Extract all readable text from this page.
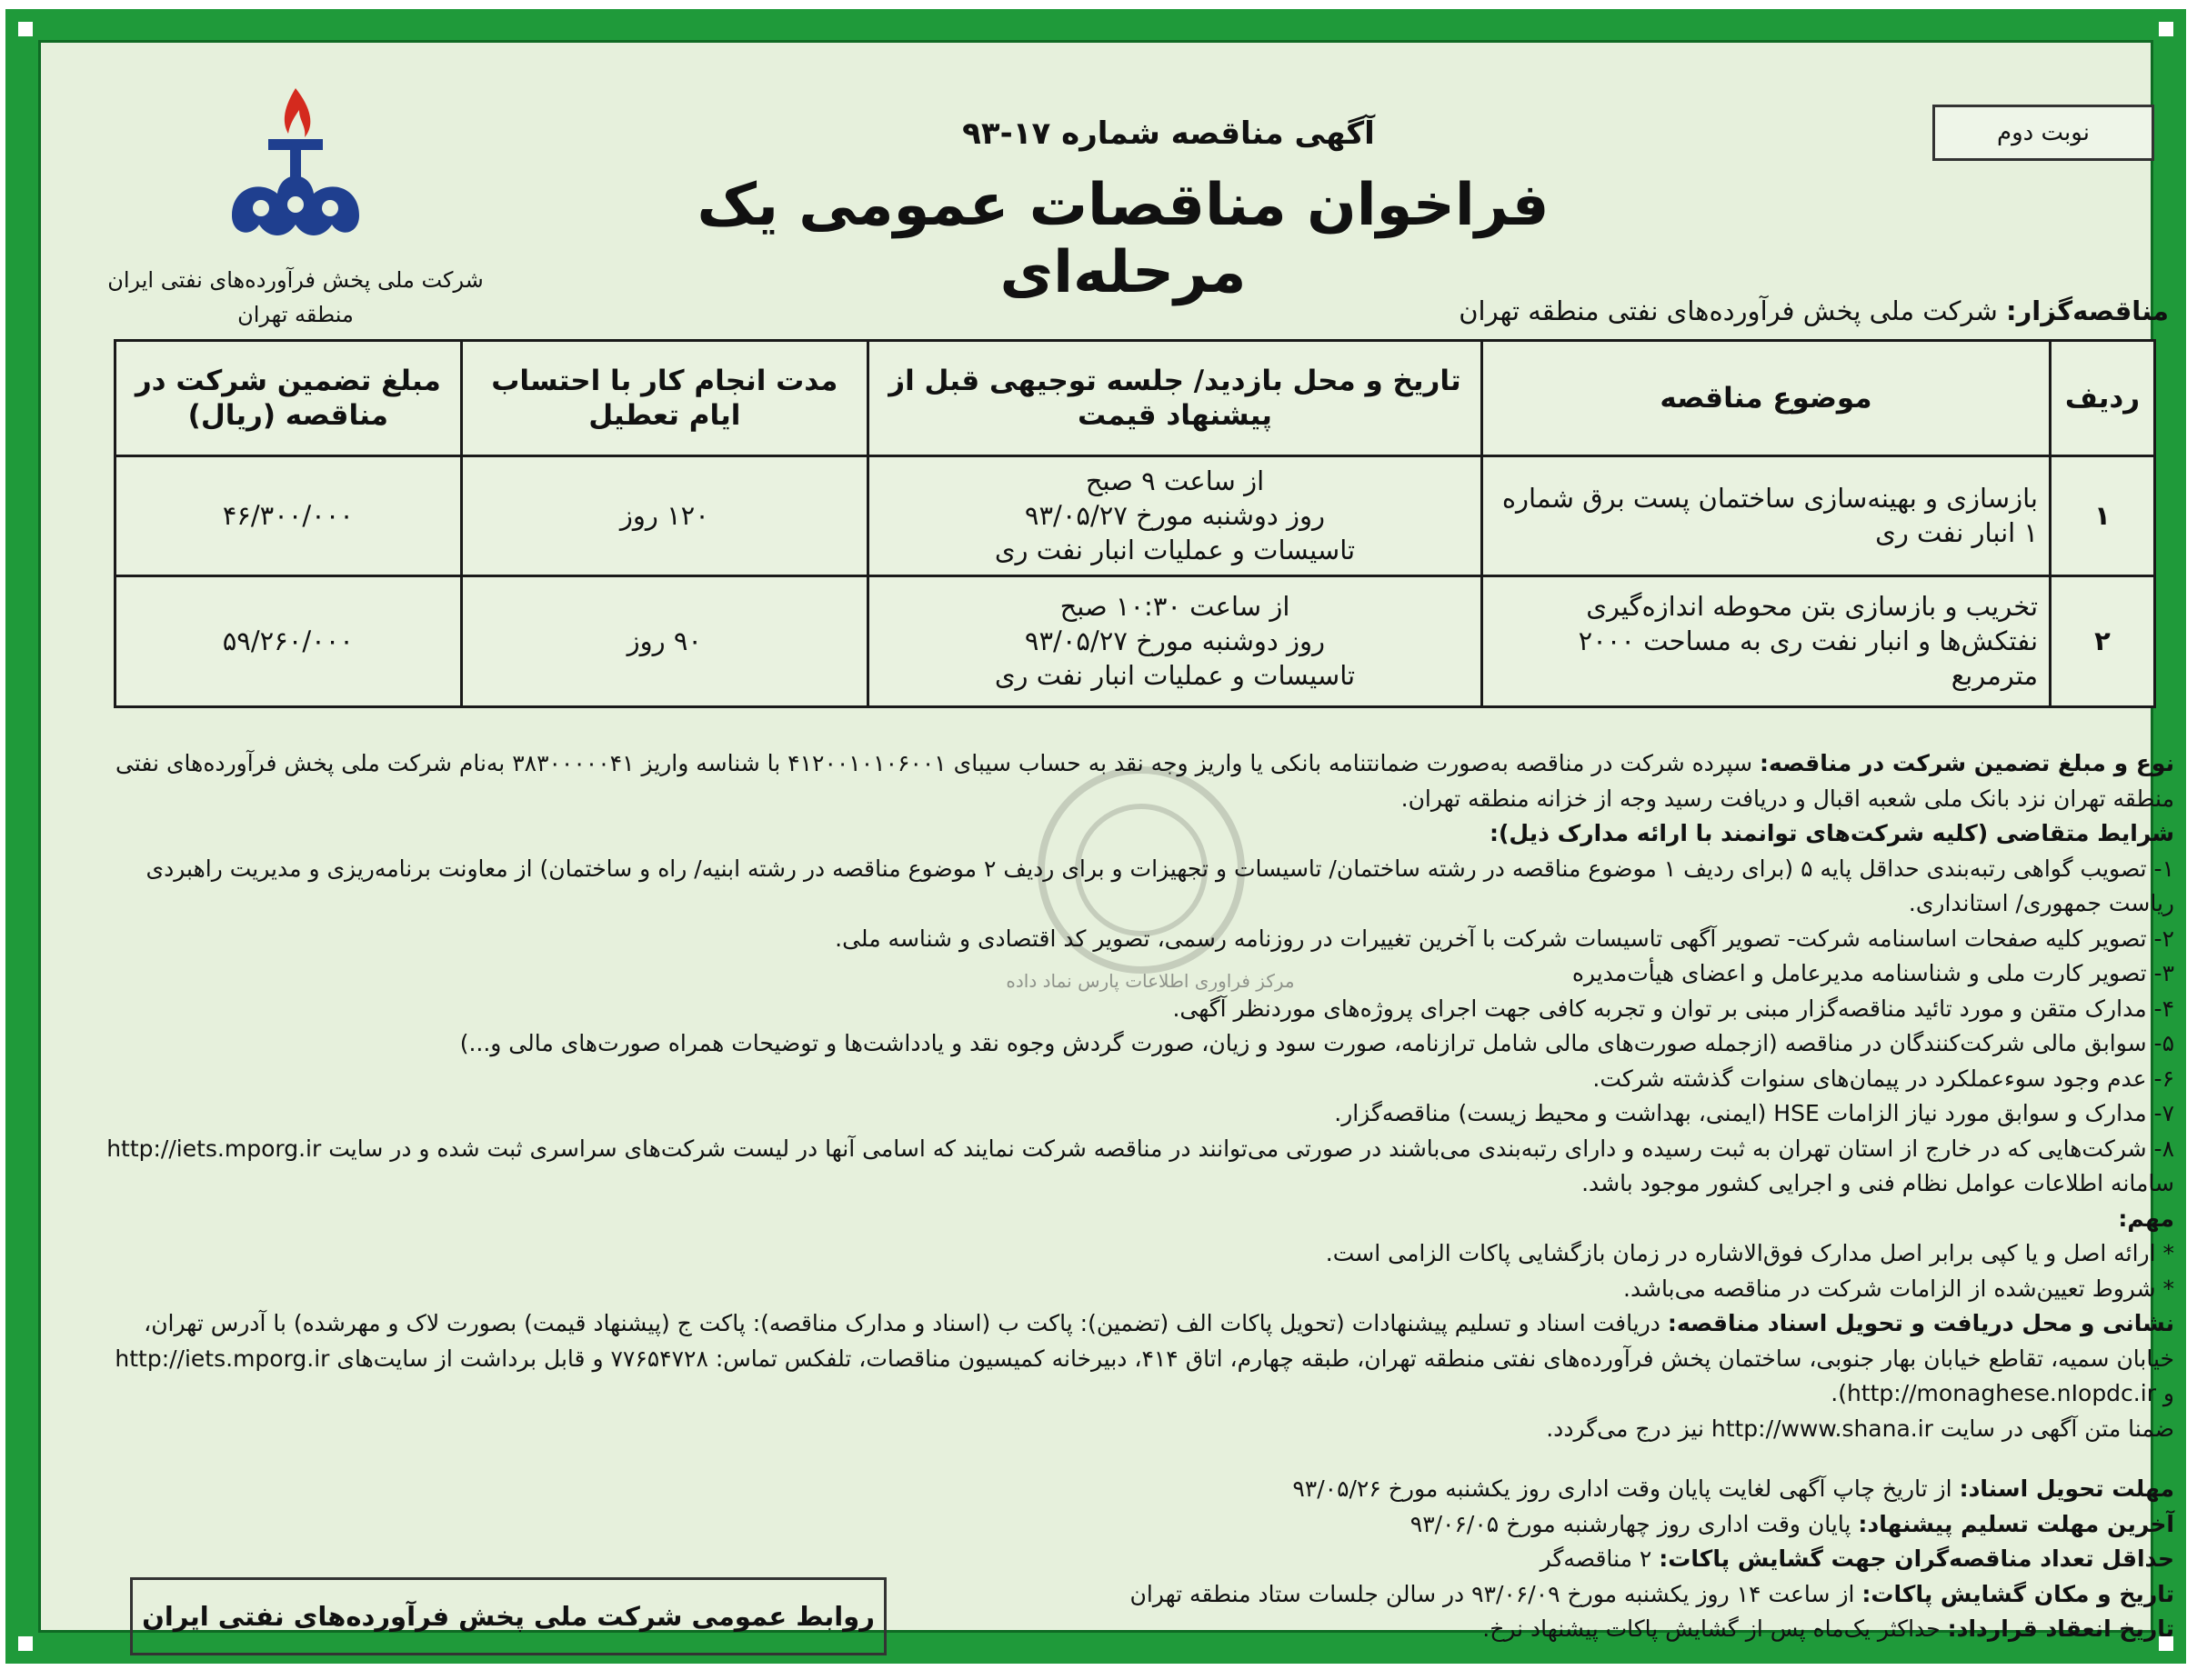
نوبت دوم
آگهی مناقصه شماره ۱۷-۹۳
فراخوان مناقصات عمومی یک مرحله‌ای
شرکت ملی پخش فرآورده‌های نفتی ایران
منطقه تهران	مناقصه‌گزار: شرکت ملی پخش فرآورده‌های نفتی منطقه تهران
ردیف	موضوع مناقصه	تاریخ و محل بازدید/ جلسه توجیهی قبل از پیشنهاد قیمت	مدت انجام کار با احتساب ایام تعطیل	مبلغ تضمین شرکت در مناقصه (ریال)
۱	بازسازی و بهینه‌سازی ساختمان پست برق شماره ۱ انبار نفت ری	از ساعت ۹ صبح
روز دوشنبه مورخ ۹۳/۰۵/۲۷
تاسیسات و عملیات انبار نفت ری	۱۲۰ روز	۴۶/۳۰۰/۰۰۰
۲	تخریب و بازسازی بتن محوطه اندازه‌گیری نفتکش‌ها و انبار نفت ری به مساحت ۲۰۰۰ مترمربع	از ساعت ۱۰:۳۰ صبح
روز دوشنبه مورخ ۹۳/۰۵/۲۷
تاسیسات و عملیات انبار نفت ری	۹۰ روز	۵۹/۲۶۰/۰۰۰
مرکز فراوری اطلاعات پارس نماد داده

نوع و مبلغ تضمین شرکت در مناقصه: سپرده شرکت در مناقصه به‌صورت ضمانتنامه بانکی یا واریز وجه نقد به حساب سیبای ۴۱۲۰۰۱۰۱۰۶۰۰۱ با شناسه واریز ۳۸۳۰۰۰۰۰۴۱ به‌نام شرکت ملی پخش فرآورده‌های نفتی منطقه تهران نزد بانک ملی شعبه اقبال و دریافت رسید وجه از خزانه منطقه تهران.

شرایط متقاضی (کلیه شرکت‌های توانمند با ارائه مدارک ذیل):

۱- تصویب گواهی رتبه‌بندی حداقل پایه ۵ (برای ردیف ۱ موضوع مناقصه در رشته ساختمان/ تاسیسات و تجهیزات و برای ردیف ۲ موضوع مناقصه در رشته ابنیه/ راه و ساختمان) از معاونت برنامه‌ریزی و مدیریت راهبردی ریاست جمهوری/ استانداری.

۲- تصویر کلیه صفحات اساسنامه شرکت- تصویر آگهی تاسیسات شرکت با آخرین تغییرات در روزنامه رسمی، تصویر کد اقتصادی و شناسه ملی.

۳- تصویر کارت ملی و شناسنامه مدیرعامل و اعضای هیأت‌مدیره

۴- مدارک متقن و مورد تائید مناقصه‌گزار مبنی بر توان و تجربه کافی جهت اجرای پروژه‌های موردنظر آگهی.

۵- سوابق مالی شرکت‌کنندگان در مناقصه (ازجمله صورت‌های مالی شامل ترازنامه، صورت سود و زیان، صورت گردش وجوه نقد و یادداشت‌ها و توضیحات همراه صورت‌های مالی و...)

۶- عدم وجود سوءعملکرد در پیمان‌های سنوات گذشته شرکت.

۷- مدارک و سوابق مورد نیاز الزامات HSE (ایمنی، بهداشت و محیط زیست) مناقصه‌گزار.

۸- شرکت‌هایی که در خارج از استان تهران به ثبت رسیده و دارای رتبه‌بندی می‌باشند در صورتی می‌توانند در مناقصه شرکت نمایند که اسامی آنها در لیست شرکت‌های سراسری ثبت شده و در سایت http://iets.mporg.ir سامانه اطلاعات عوامل نظام فنی و اجرایی کشور موجود باشد.

مهم:

* ارائه اصل و یا کپی برابر اصل مدارک فوق‌الاشاره در زمان بازگشایی پاکات الزامی است.

* شروط تعیین‌شده از الزامات شرکت در مناقصه می‌باشد.

نشانی و محل دریافت و تحویل اسناد مناقصه: دریافت اسناد و تسلیم پیشنهادات (تحویل پاکات الف (تضمین): پاکت ب (اسناد و مدارک مناقصه): پاکت ج (پیشنهاد قیمت) بصورت لاک و مهرشده) با آدرس تهران، خیابان سمیه، تقاطع خیابان بهار جنوبی، ساختمان پخش فرآورده‌های نفتی منطقه تهران، طبقه چهارم، اتاق ۴۱۴، دبیرخانه کمیسیون مناقصات، تلفکس تماس: ۷۷۶۵۴۷۲۸ و قابل برداشت از سایت‌های http://iets.mporg.ir و http://monaghese.nIopdc.ir).

ضمنا متن آگهی در سایت http://www.shana.ir نیز درج می‌گردد.

مهلت تحویل اسناد: از تاریخ چاپ آگهی لغایت پایان وقت اداری روز یکشنبه مورخ ۹۳/۰۵/۲۶

آخرین مهلت تسلیم پیشنهاد: پایان وقت اداری روز چهارشنبه مورخ ۹۳/۰۶/۰۵

حداقل تعداد مناقصه‌گران جهت گشایش پاکات: ۲ مناقصه‌گر

تاریخ و مکان گشایش پاکات: از ساعت ۱۴ روز یکشنبه مورخ ۹۳/۰۶/۰۹ در سالن جلسات ستاد منطقه تهران

تاریخ انعقاد قرارداد: حداکثر یک‌ماه پس از گشایش پاکات پیشنهاد نرخ.

روابط عمومی شرکت ملی پخش فرآورده‌های نفتی ایران
